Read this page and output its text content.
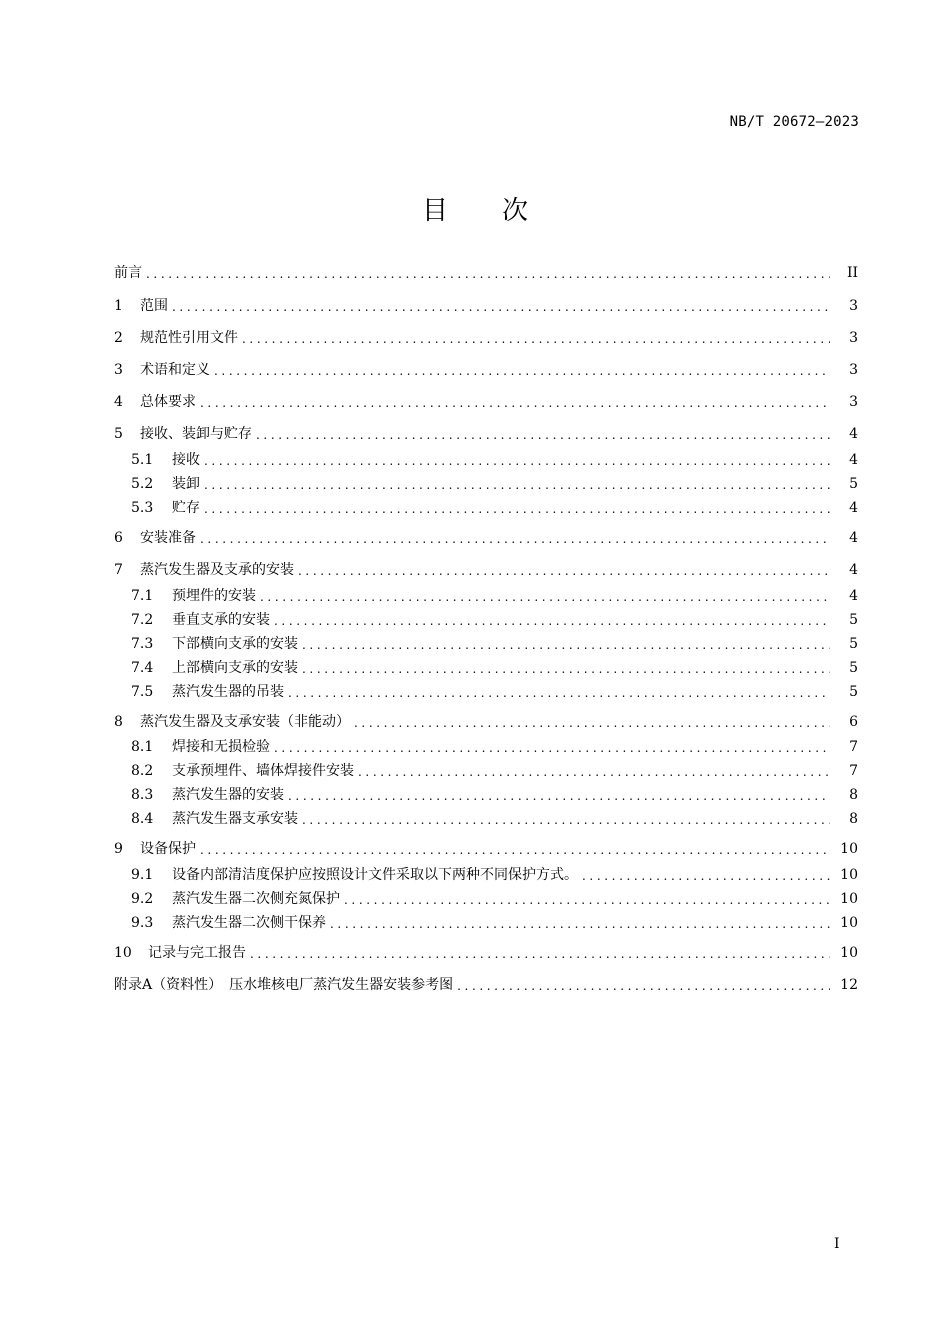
NB/T 20672—2023
目次
前言 .....	II
1	范围 .....	3
2	规范性引用文件 .....	3
3	术语和定义 .....	3
4	总体要求 .....	3
5	接收、装卸与贮存 .....	4
5.1	接收 .....	4
5.2	装卸 .....	5
5.3	贮存 .....	4
6	安装准备 .....	4
7	蒸汽发生器及支承的安装 .....	4
7.1	预埋件的安装 .....	4
7.2	垂直支承的安装 .....	5
7.3	下部横向支承的安装 .....	5
7.4	上部横向支承的安装 .....	5
7.5	蒸汽发生器的吊装 .....	5
8	蒸汽发生器及支承安装（非能动） .....	6
8.1	焊接和无损检验 .....	7
8.2	支承预埋件、墙体焊接件安装 .....	7
8.3	蒸汽发生器的安装 .....	8
8.4	蒸汽发生器支承安装 .....	8
9	设备保护 .....	10
9.1	设备内部清洁度保护应按照设计文件采取以下两种不同保护方式。 .....	10
9.2	蒸汽发生器二次侧充氮保护 .....	10
9.3	蒸汽发生器二次侧干保养 .....	10
10	记录与完工报告 .....	10
附录A（资料性）　压水堆核电厂蒸汽发生器安装参考图 .....	12
I
